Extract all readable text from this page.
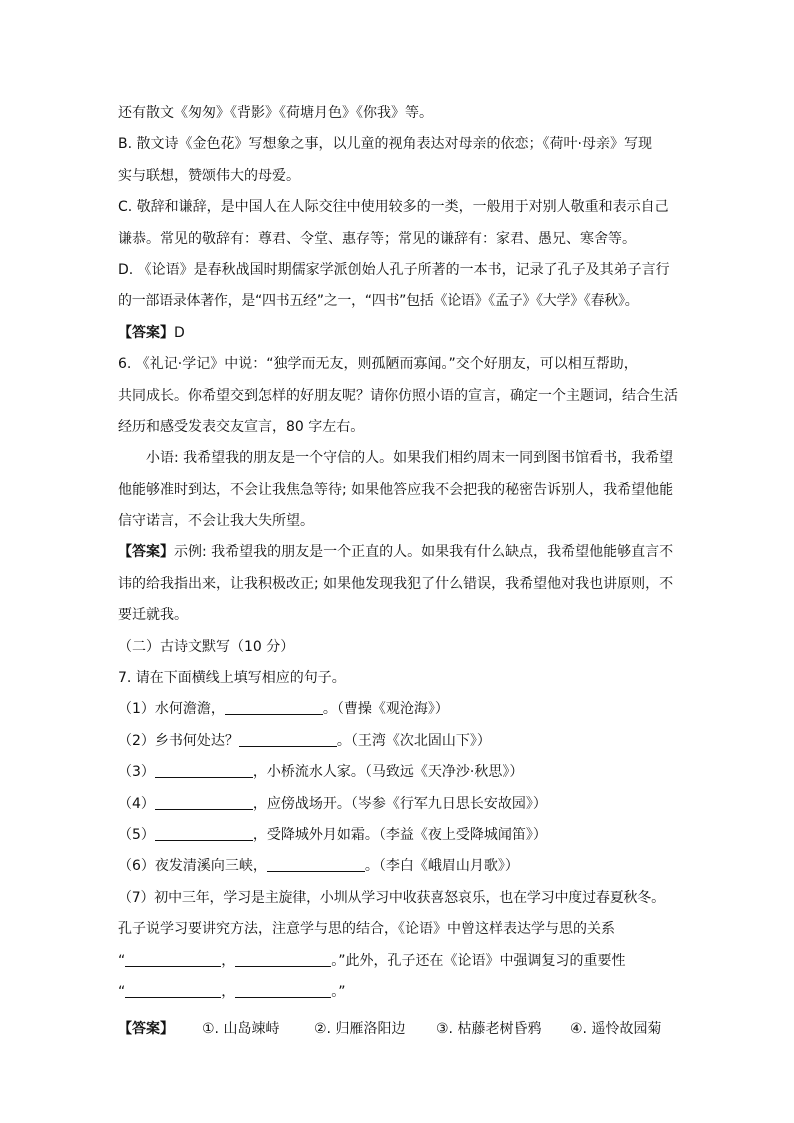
还有散文《匆匆》《背影》《荷塘月色》《你我》等。
B. 散文诗《金色花》写想象之事，以儿童的视角表达对母亲的依恋；《荷叶·母亲》写现
实与联想，赞颂伟大的母爱。
C. 敬辞和谦辞，是中国人在人际交往中使用较多的一类，一般用于对别人敬重和表示自己
谦恭。常见的敬辞有：尊君、令堂、惠存等；常见的谦辞有：家君、愚兄、寒舍等。
D. 《论语》是春秋战国时期儒家学派创始人孔子所著的一本书，记录了孔子及其弟子言行
的一部语录体著作，是“四书五经”之一，“四书”包括《论语》《孟子》《大学》《春秋》。
【答案】D
6. 《礼记·学记》中说：“独学而无友，则孤陋而寡闻。”交个好朋友，可以相互帮助，
共同成长。你希望交到怎样的好朋友呢？请你仿照小语的宣言，确定一个主题词，结合生活
经历和感受发表交友宣言，80 字左右。
小语: 我希望我的朋友是一个守信的人。如果我们相约周末一同到图书馆看书，我希望
他能够准时到达，不会让我焦急等待; 如果他答应我不会把我的秘密告诉别人，我希望他能
信守诺言，不会让我大失所望。
【答案】示例: 我希望我的朋友是一个正直的人。如果我有什么缺点，我希望他能够直言不
讳的给我指出来，让我积极改正; 如果他发现我犯了什么错误，我希望他对我也讲原则，不
要迁就我。
（二）古诗文默写（10 分）
7. 请在下面横线上填写相应的句子。
（1）水何澹澹，	。（曹操《观沧海》）
（2）乡书何处达？	。（王湾《次北固山下》）
（3）	，小桥流水人家。（马致远《天净沙·秋思》）
（4）	，应傍战场开。（岑参《行军九日思长安故园》）
（5）	，受降城外月如霜。（李益《夜上受降城闻笛》）
（6）夜发清溪向三峡，	。（李白《峨眉山月歌》）
（7）初中三年，学习是主旋律，小圳从学习中收获喜怒哀乐，也在学习中度过春夏秋冬。
孔子说学习要讲究方法，注意学与思的结合，《论语》中曾这样表达学与思的关系
“	，	。”此外，孔子还在《论语》中强调复习的重要性
“	，	。”
【答案】 ①. 山岛竦峙 ②. 归雁洛阳边 ③. 枯藤老树昏鸦 ④. 遥怜故园菊
